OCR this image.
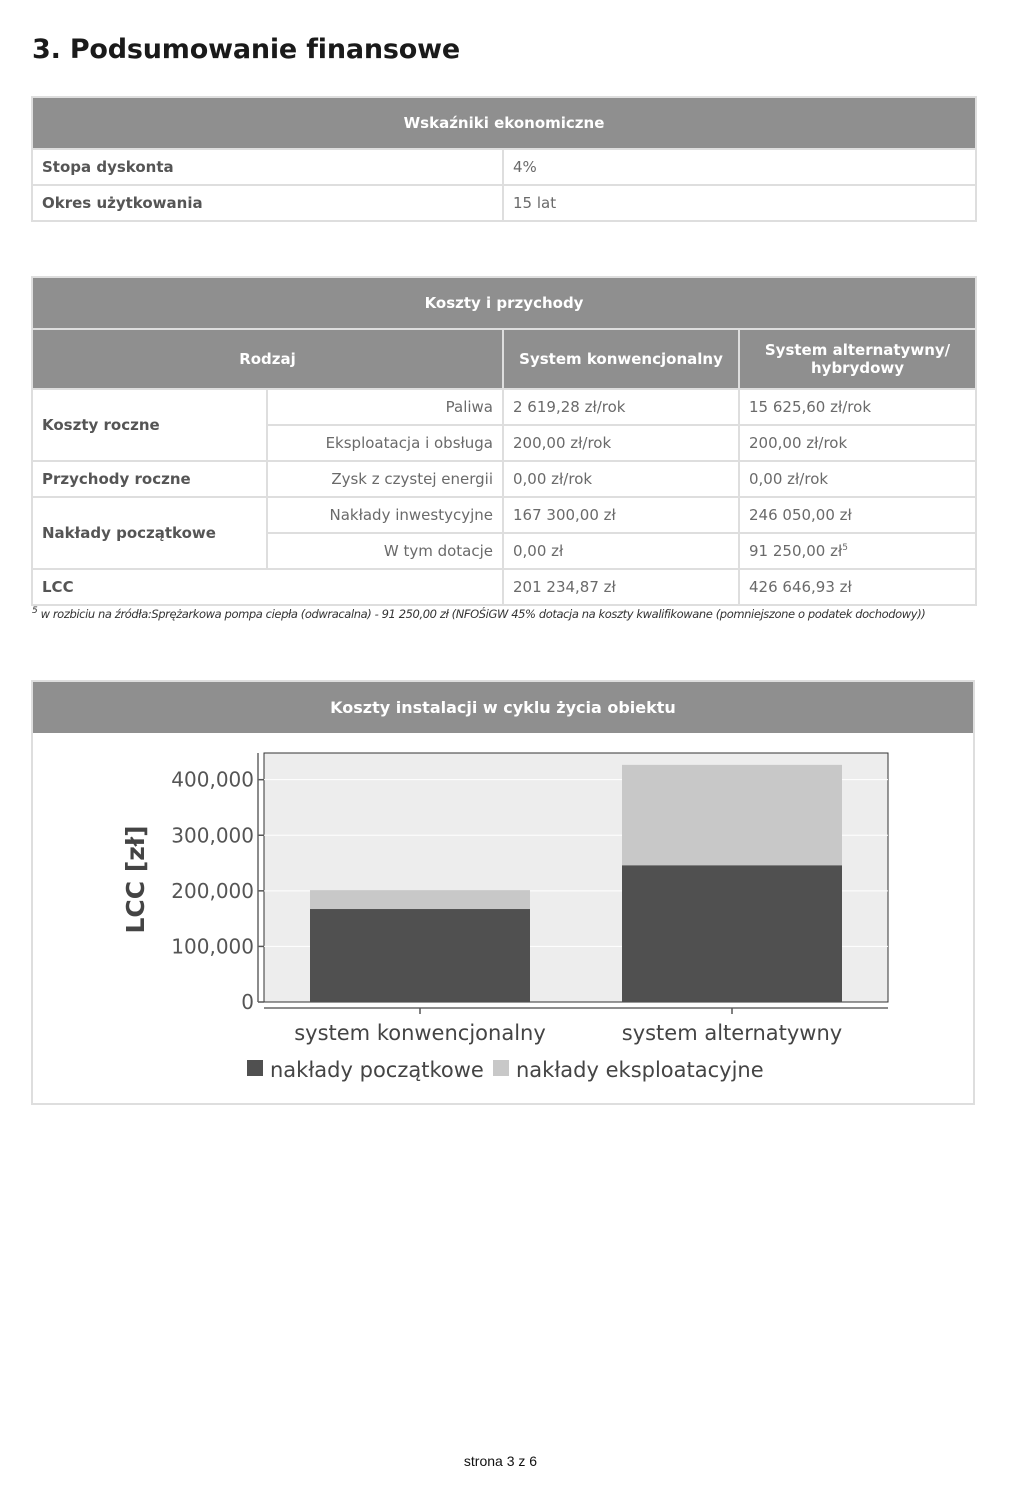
3. Podsumowanie finansowe
Wskaźniki ekonomiczne	
Stopa dyskonta	4%
Okres użytkowania	15 lat
Koszty i przychody			
Rodzaj		System konwencjonalny	System alternatywny/ hybrydowy
Koszty roczne	Paliwa	2 619,28 zł/rok	15 625,60 zł/rok
	Eksploatacja i obsługa	200,00 zł/rok	200,00 zł/rok
Przychody roczne	Zysk z czystej energii	0,00 zł/rok	0,00 zł/rok
Nakłady początkowe	Nakłady inwestycyjne	167 300,00 zł	246 050,00 zł
	W tym dotacje	0,00 zł	91 250,00 $zł^5$
LCC		201 234,87 zł	426 646,93 zł
$^5$ w rozbiciu na źródła:Sprężarkowa pompa ciepła (odwracalna) - 91 250,00 zł (NFOŚiGW 45% dotacja na koszty kwalifikowane (pomniejszone o podatek dochodowy))
Koszty instalacji w cyklu życia obiektu
0
100,000
200,000
300,000
400,000
system konwencjonalny	system alternatywny
LCC [zł]
nakłady początkowe nakłady eksploatacyjne
strona 3 z 6
